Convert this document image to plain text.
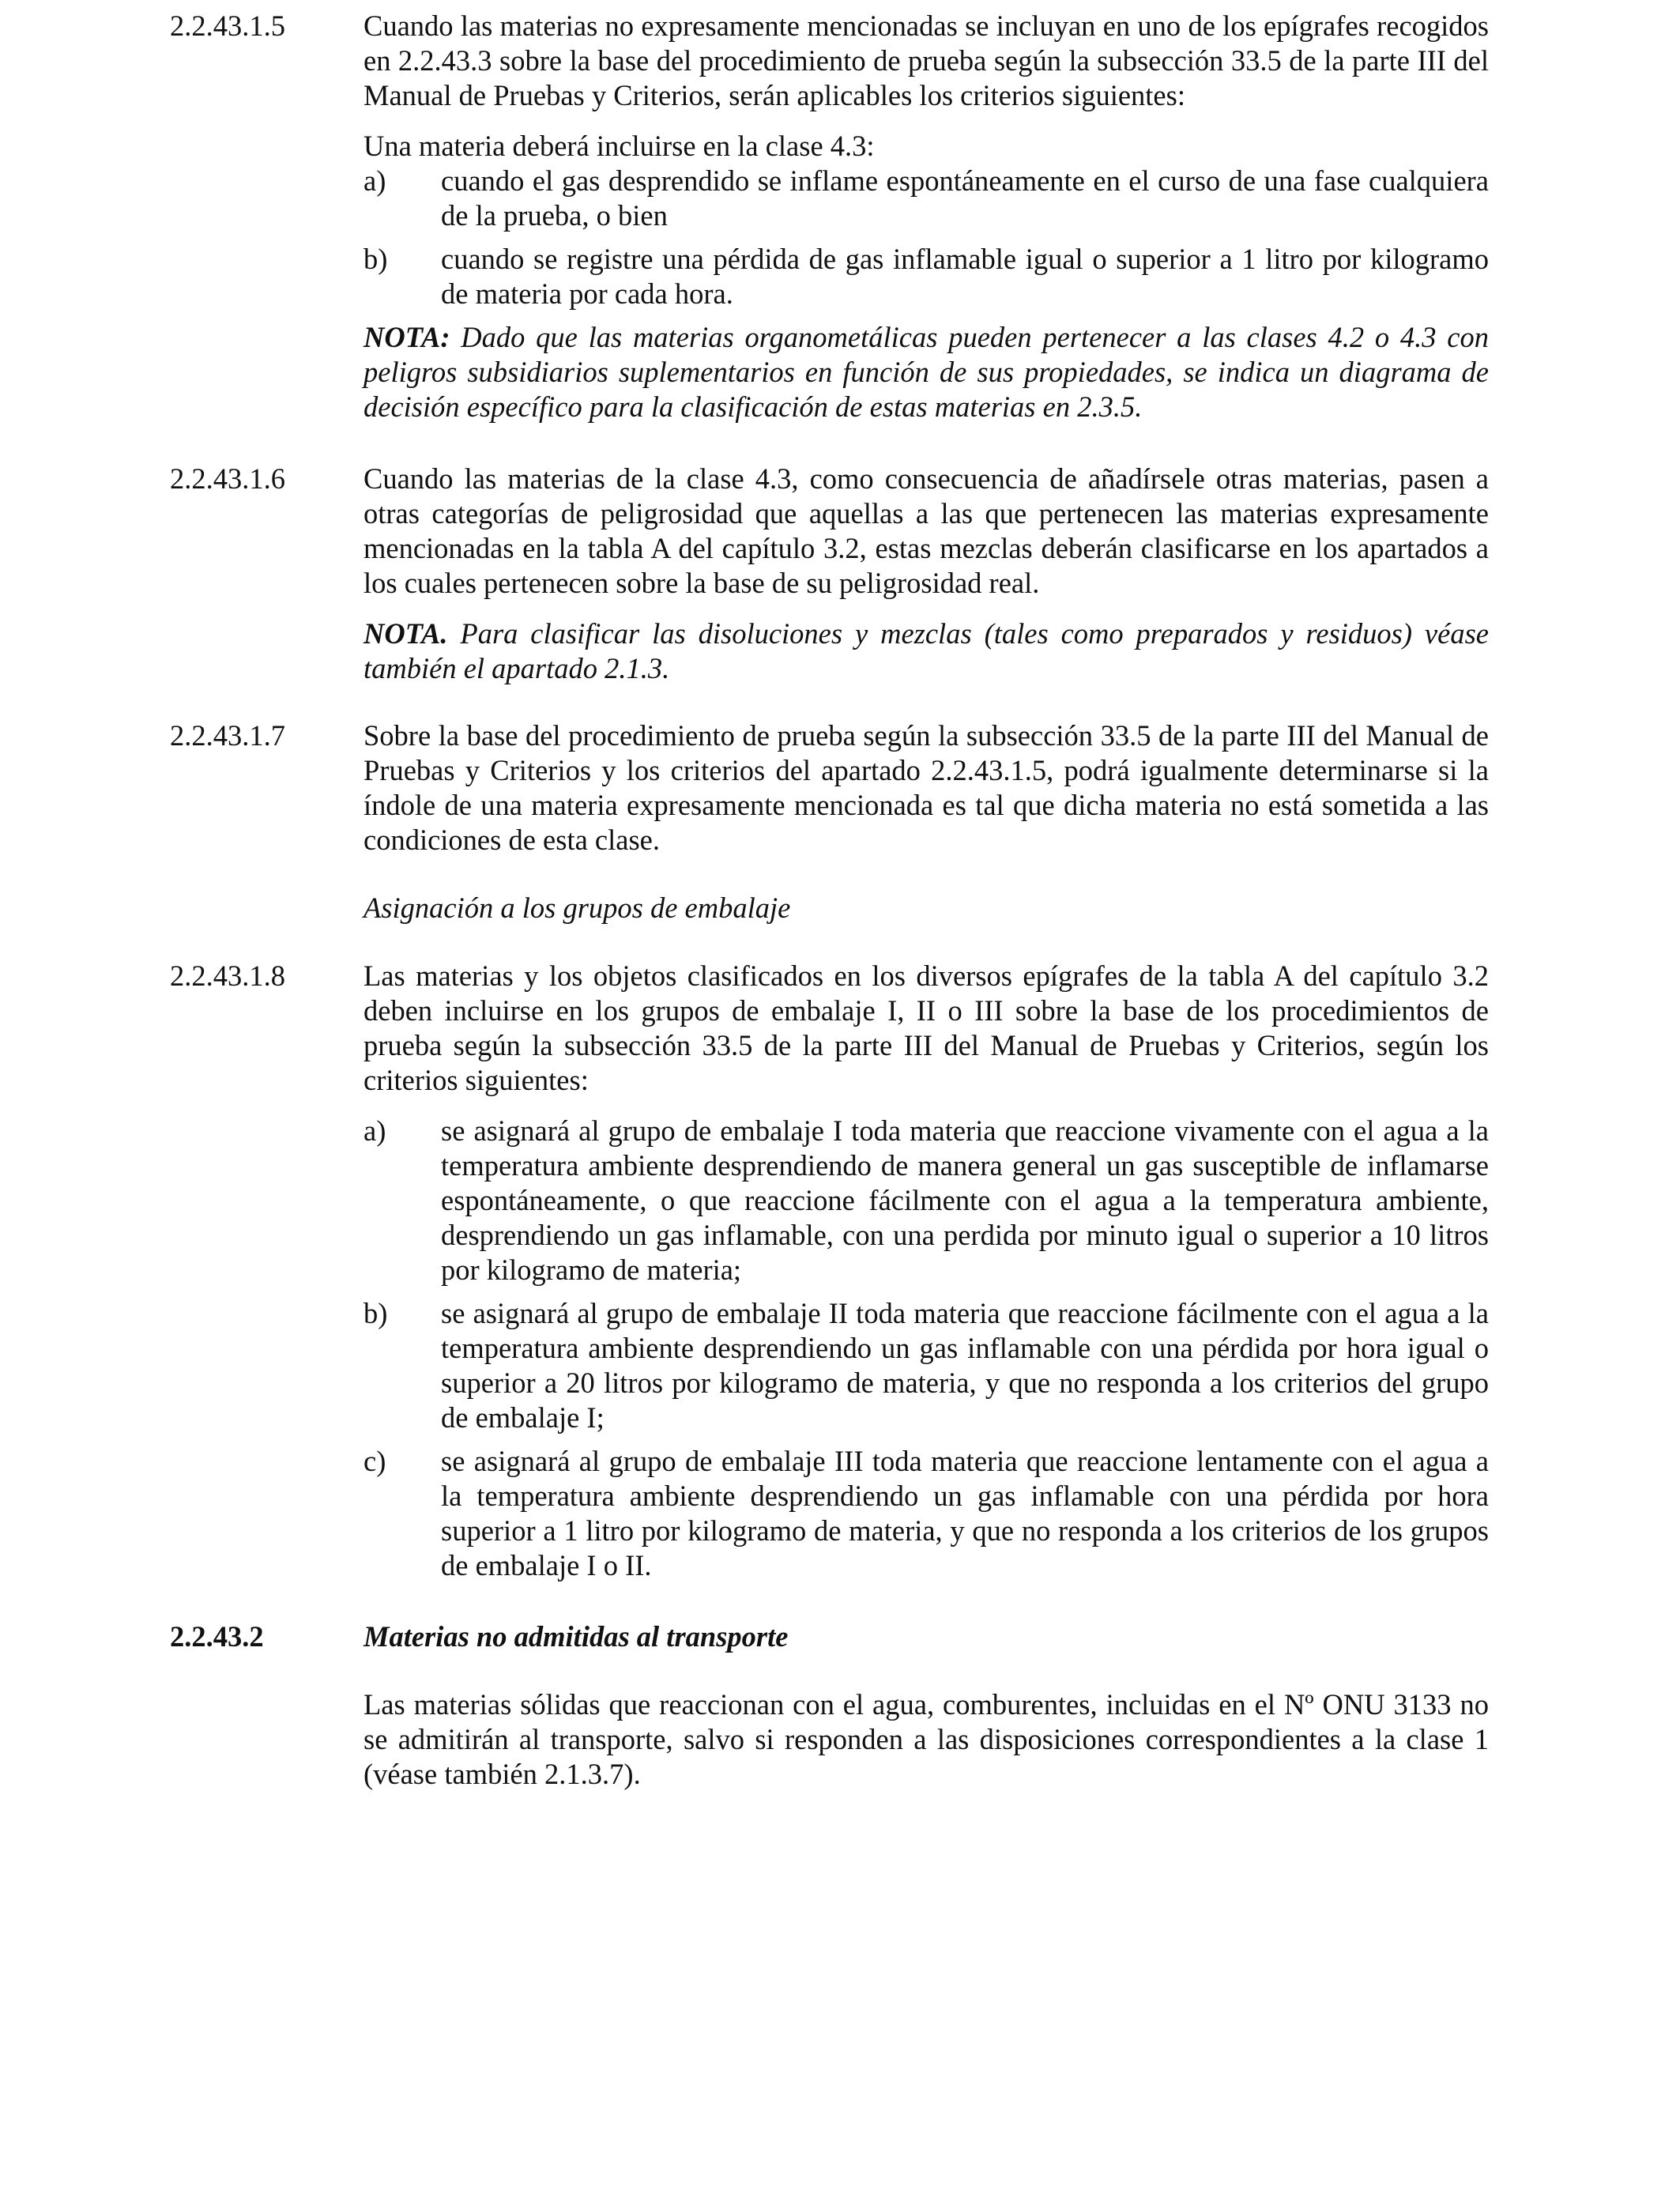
2.2.43.1.5	Cuando las materias no expresamente mencionadas se incluyan en uno de los epígrafes recogidos en 2.2.43.3 sobre la base del procedimiento de prueba según la subsección 33.5 de la parte III del Manual de Pruebas y Criterios, serán aplicables los criterios siguientes:

Una materia deberá incluirse en la clase 4.3:

a) cuando el gas desprendido se inflame espontáneamente en el curso de una fase cualquiera de la prueba, o bien
b) cuando se registre una pérdida de gas inflamable igual o superior a 1 litro por kilogramo de materia por cada hora.

NOTA: Dado que las materias organometálicas pueden pertenecer a las clases 4.2 o 4.3 con peligros subsidiarios suplementarios en función de sus propiedades, se indica un diagrama de decisión específico para la clasificación de estas materias en 2.3.5.

2.2.43.1.6	Cuando las materias de la clase 4.3, como consecuencia de añadírsele otras materias, pasen a otras categorías de peligrosidad que aquellas a las que pertenecen las materias expresamente mencionadas en la tabla A del capítulo 3.2, estas mezclas deberán clasificarse en los apartados a los cuales pertenecen sobre la base de su peligrosidad real.

NOTA. Para clasificar las disoluciones y mezclas (tales como preparados y residuos) véase también el apartado 2.1.3.

2.2.43.1.7	Sobre la base del procedimiento de prueba según la subsección 33.5 de la parte III del Manual de Pruebas y Criterios y los criterios del apartado 2.2.43.1.5, podrá igualmente determinarse si la índole de una materia expresamente mencionada es tal que dicha materia no está sometida a las condiciones de esta clase.

Asignación a los grupos de embalaje

2.2.43.1.8	Las materias y los objetos clasificados en los diversos epígrafes de la tabla A del capítulo 3.2 deben incluirse en los grupos de embalaje I, II o III sobre la base de los procedimientos de prueba según la subsección 33.5 de la parte III del Manual de Pruebas y Criterios, según los criterios siguientes:

a) se asignará al grupo de embalaje I toda materia que reaccione vivamente con el agua a la temperatura ambiente desprendiendo de manera general un gas susceptible de inflamarse espontáneamente, o que reaccione fácilmente con el agua a la temperatura ambiente, desprendiendo un gas inflamable, con una perdida por minuto igual o superior a 10 litros por kilogramo de materia;
b) se asignará al grupo de embalaje II toda materia que reaccione fácilmente con el agua a la temperatura ambiente desprendiendo un gas inflamable con una pérdida por hora igual o superior a 20 litros por kilogramo de materia, y que no responda a los criterios del grupo de embalaje I;
c) se asignará al grupo de embalaje III toda materia que reaccione lentamente con el agua a la temperatura ambiente desprendiendo un gas inflamable con una pérdida por hora superior a 1 litro por kilogramo de materia, y que no responda a los criterios de los grupos de embalaje I o II.
2.2.43.2	Materias no admitidas al transporte

Las materias sólidas que reaccionan con el agua, comburentes, incluidas en el Nº ONU 3133 no se admitirán al transporte, salvo si responden a las disposiciones correspondientes a la clase 1 (véase también 2.1.3.7).
